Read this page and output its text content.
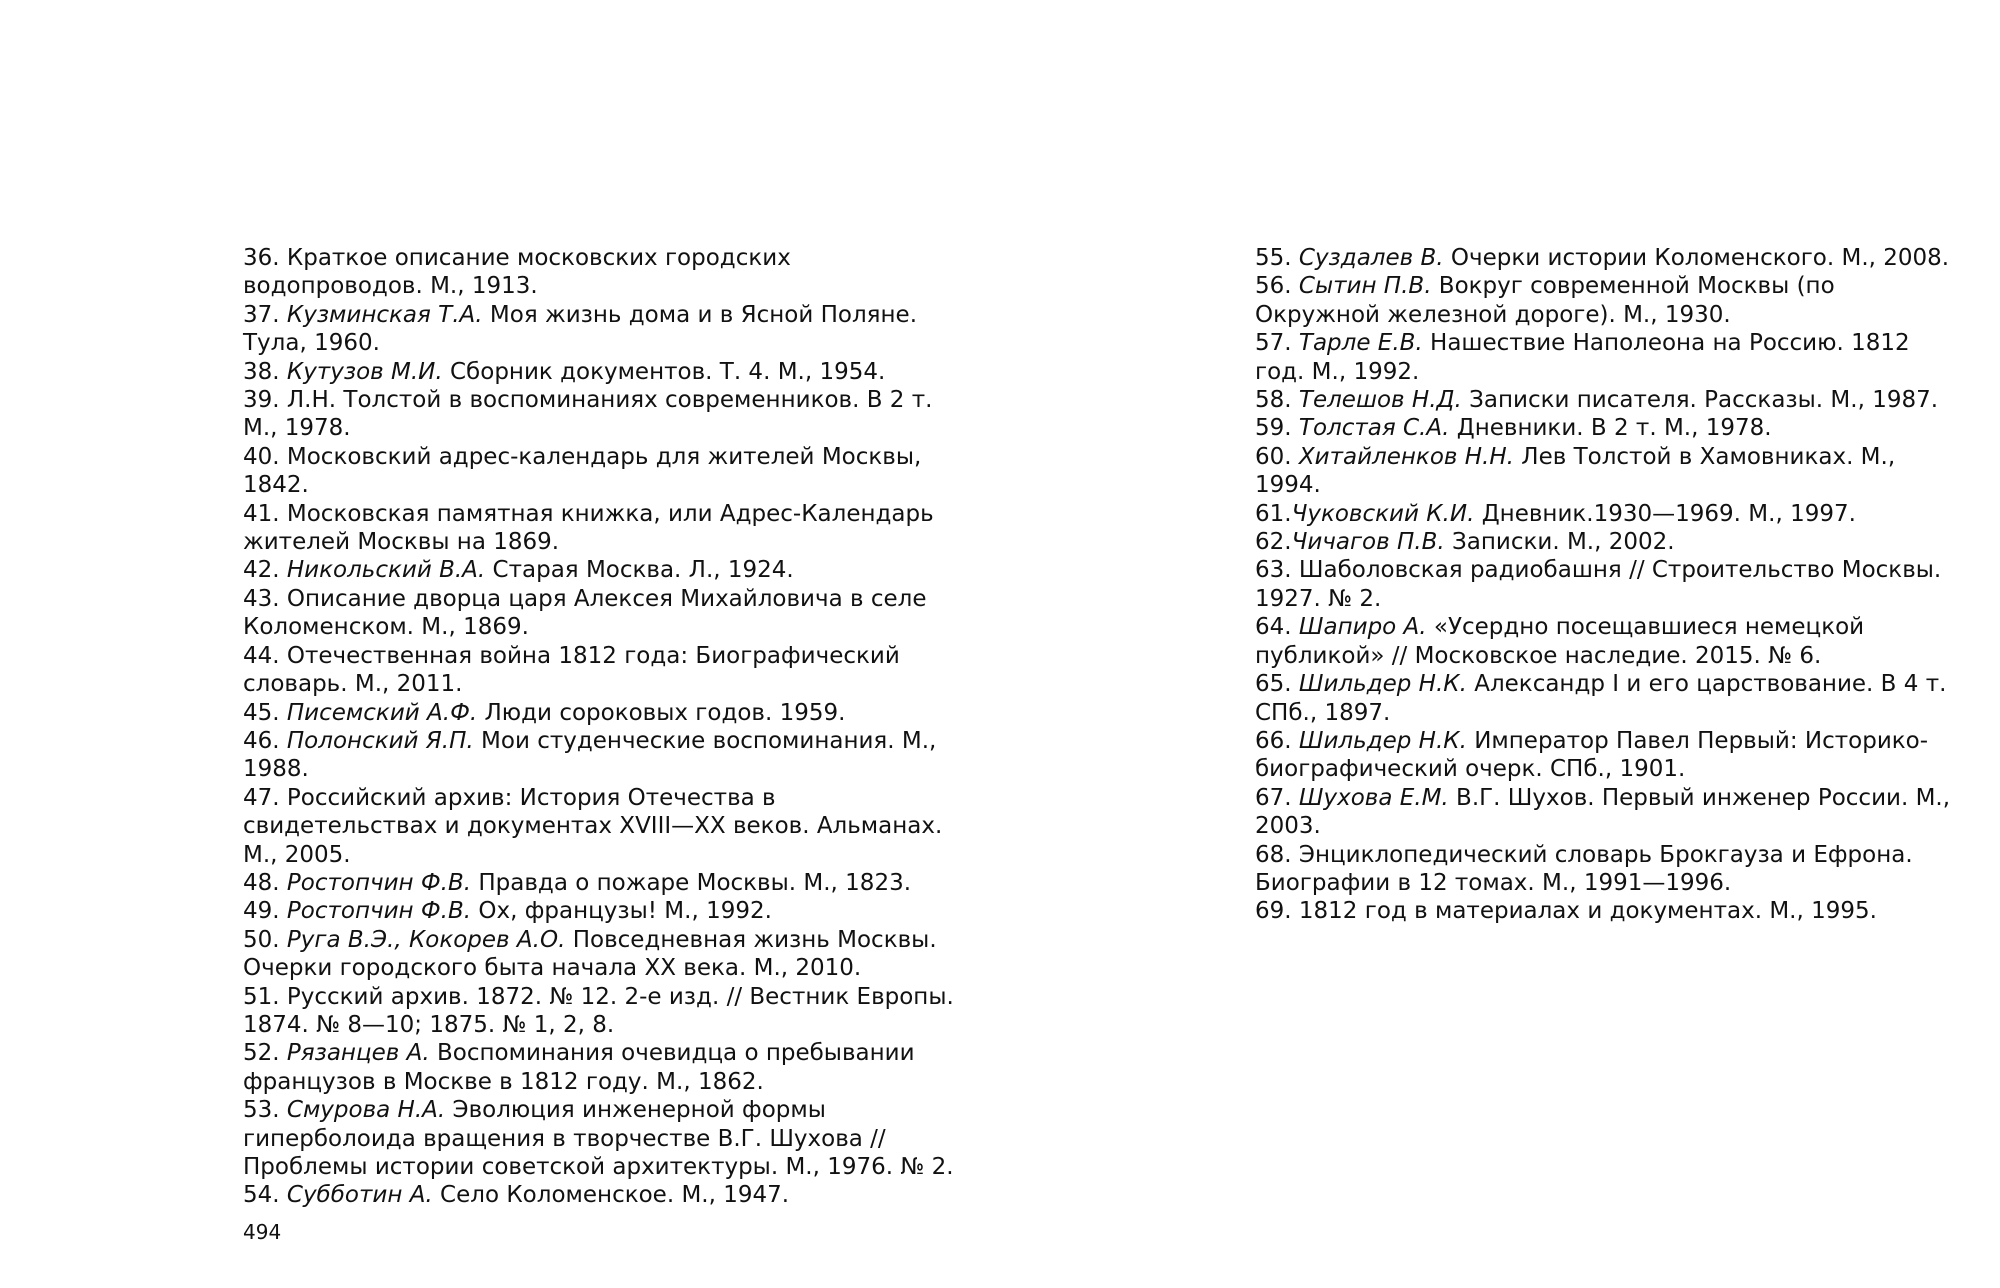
36. Краткое описание московских городских водопроводов. М., 1913.

37. Кузминская Т.А. Моя жизнь дома и в Ясной Поляне. Тула, 1960.

38. Кутузов М.И. Сборник документов. Т. 4. М., 1954.

39. Л.Н. Толстой в воспоминаниях современников. В 2 т. М., 1978.

40. Московский адрес-календарь для жителей Москвы, 1842.

41. Московская памятная книжка, или Адрес-Календарь жителей Москвы на 1869.

42. Никольский В.А. Старая Москва. Л., 1924.

43. Описание дворца царя Алексея Михайловича в селе Коломенском. М., 1869.

44. Отечественная война 1812 года: Биографический словарь. М., 2011.

45. Писемский А.Ф. Люди сороковых годов. 1959.

46. Полонский Я.П. Мои студенческие воспоминания. М., 1988.

47. Российский архив: История Отечества в свидетельствах и документах XVIII—XX веков. Альманах. М., 2005.

48. Ростопчин Ф.В. Правда о пожаре Москвы. М., 1823.

49. Ростопчин Ф.В. Ох, французы! М., 1992.

50. Руга В.Э., Кокорев А.О. Повседневная жизнь Москвы. Очерки городского быта начала XX века. М., 2010.

51. Русский архив. 1872. № 12. 2-е изд. // Вестник Европы. 1874. № 8—10; 1875. № 1, 2, 8.

52. Рязанцев А. Воспоминания очевидца о пребывании французов в Москве в 1812 году. М., 1862.

53. Смурова Н.А. Эволюция инженерной формы гиперболоида вращения в творчестве В.Г. Шухова // Проблемы истории советской архитектуры. М., 1976. № 2.

54. Субботин А. Село Коломенское. М., 1947.

55. Суздалев В. Очерки истории Коломенского. М., 2008.

56. Сытин П.В. Вокруг современной Москвы (по Окружной железной дороге). М., 1930.

57. Тарле Е.В. Нашествие Наполеона на Россию. 1812 год. М., 1992.

58. Телешов Н.Д. Записки писателя. Рассказы. М., 1987.

59. Толстая С.А. Дневники. В 2 т. М., 1978.

60. Хитайленков Н.Н. Лев Толстой в Хамовниках. М., 1994.

61.Чуковский К.И. Дневник.1930—1969. М., 1997.

62.Чичагов П.В. Записки. М., 2002.

63. Шаболовская радиобашня // Строительство Москвы. 1927. № 2.

64. Шапиро А. «Усердно посещавшиеся немецкой публикой» // Московское наследие. 2015. № 6.

65. Шильдер Н.К. Александр I и его царствование. В 4 т. СПб., 1897.

66. Шильдер Н.К. Император Павел Первый: Историко-биографический очерк. СПб., 1901.

67. Шухова Е.М. В.Г. Шухов. Первый инженер России. М., 2003.

68. Энциклопедический словарь Брокгауза и Ефрона. Биографии в 12 томах. М., 1991—1996.

69. 1812 год в материалах и документах. М., 1995.

494
